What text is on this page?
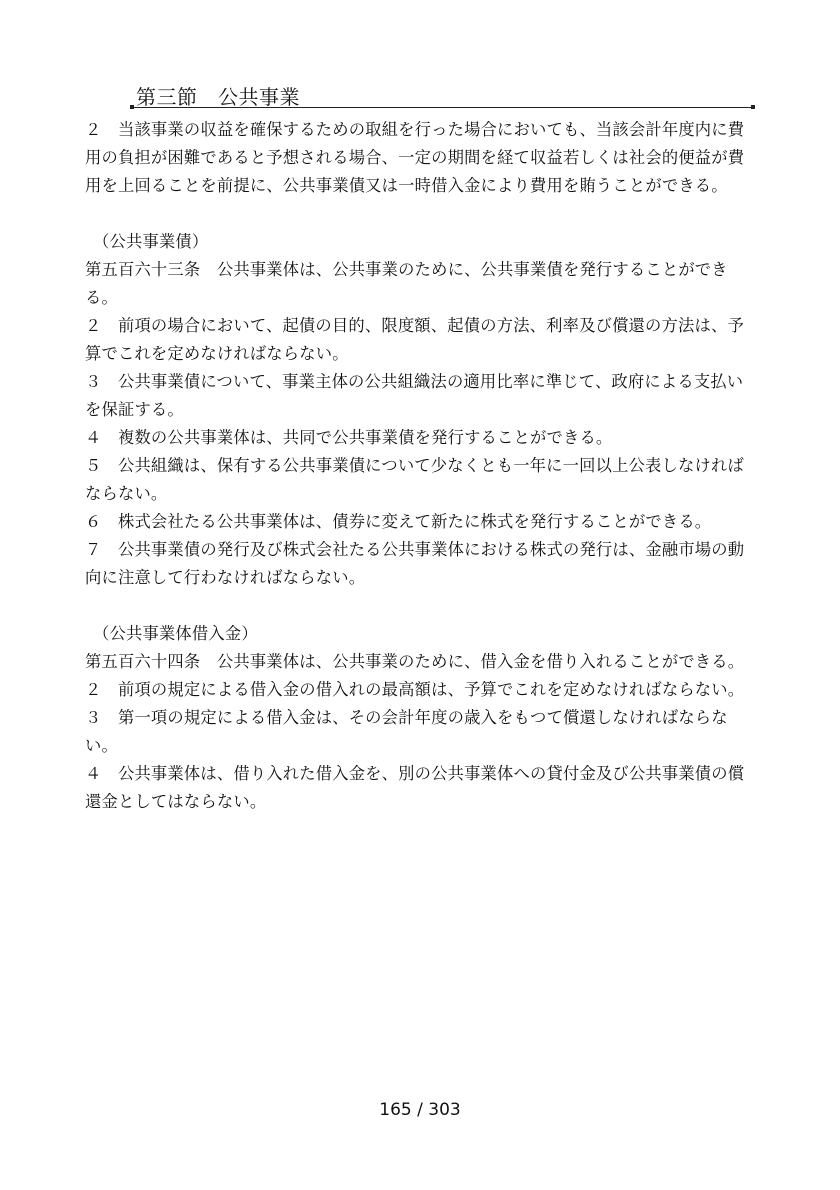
第三節　公共事業

２　当該事業の収益を確保するための取組を行った場合においても、当該会計年度内に費用の負担が困難であると予想される場合、一定の期間を経て収益若しくは社会的便益が費用を上回ることを前提に、公共事業債又は一時借入金により費用を賄うことができる。

（公共事業債）

第五百六十三条　公共事業体は、公共事業のために、公共事業債を発行することができる。

２　前項の場合において、起債の目的、限度額、起債の方法、利率及び償還の方法は、予算でこれを定めなければならない。

３　公共事業債について、事業主体の公共組織法の適用比率に準じて、政府による支払いを保証する。

４　複数の公共事業体は、共同で公共事業債を発行することができる。

５　公共組織は、保有する公共事業債について少なくとも一年に一回以上公表しなければならない。

６　株式会社たる公共事業体は、債券に変えて新たに株式を発行することができる。

７　公共事業債の発行及び株式会社たる公共事業体における株式の発行は、金融市場の動向に注意して行わなければならない。

（公共事業体借入金）

第五百六十四条　公共事業体は、公共事業のために、借入金を借り入れることができる。

２　前項の規定による借入金の借入れの最高額は、予算でこれを定めなければならない。

３　第一項の規定による借入金は、その会計年度の歳入をもつて償還しなければならない。

４　公共事業体は、借り入れた借入金を、別の公共事業体への貸付金及び公共事業債の償還金としてはならない。

165 / 303
